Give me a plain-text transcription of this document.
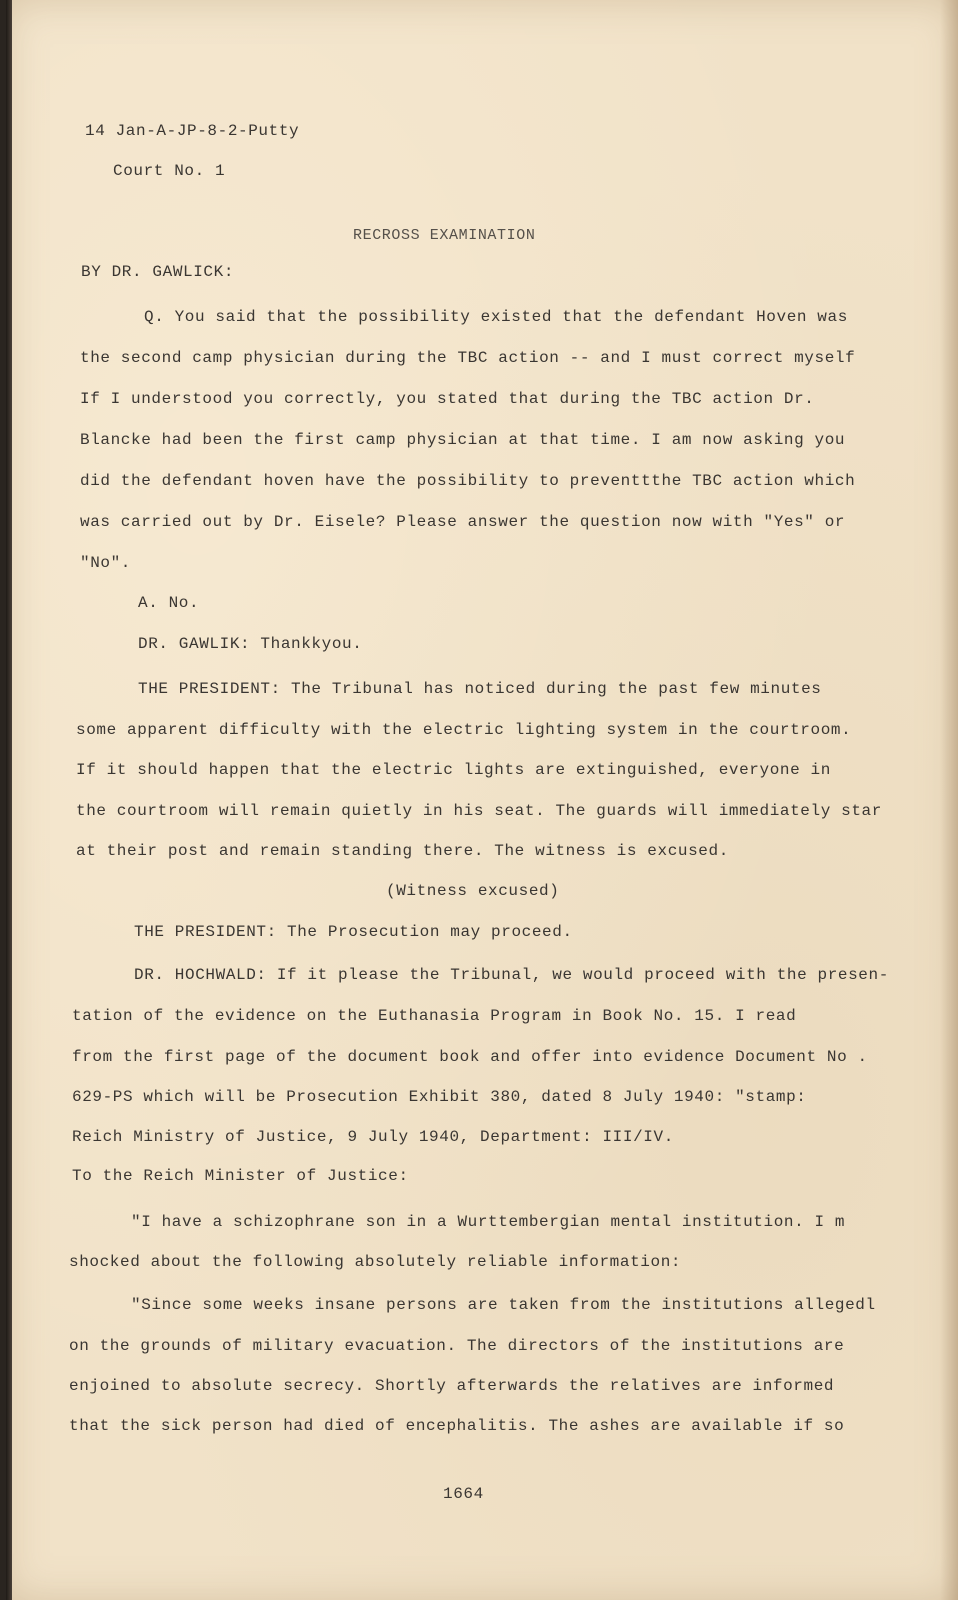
14 Jan-A-JP-8-2-Putty
Court No. 1
RECROSS EXAMINATION
BY DR. GAWLICK:
Q. You said that the possibility existed that the defendant Hoven was
the second camp physician during the TBC action -- and I must correct myself
If I understood you correctly, you stated that during the TBC action Dr.
Blancke had been the first camp physician at that time. I am now asking you
did the defendant hoven have the possibility to preventtthe TBC action which
was carried out by Dr. Eisele? Please answer the question now with "Yes" or
"No".
A. No.
DR. GAWLIK: Thankkyou.
THE PRESIDENT: The Tribunal has noticed during the past few minutes
some apparent difficulty with the electric lighting system in the courtroom.
If it should happen that the electric lights are extinguished, everyone in
the courtroom will remain quietly in his seat. The guards will immediately star
at their post and remain standing there. The witness is excused.
(Witness excused)
THE PRESIDENT: The Prosecution may proceed.
DR. HOCHWALD: If it please the Tribunal, we would proceed with the presen-
tation of the evidence on the Euthanasia Program in Book No. 15. I read
from the first page of the document book and offer into evidence Document No .
629-PS which will be Prosecution Exhibit 380, dated 8 July 1940: "stamp:
Reich Ministry of Justice, 9 July 1940, Department: III/IV.
To the Reich Minister of Justice:
"I have a schizophrane son in a Wurttembergian mental institution. I m
shocked about the following absolutely reliable information:
"Since some weeks insane persons are taken from the institutions allegedl
on the grounds of military evacuation. The directors of the institutions are
enjoined to absolute secrecy. Shortly afterwards the relatives are informed
that the sick person had died of encephalitis. The ashes are available if so
1664
